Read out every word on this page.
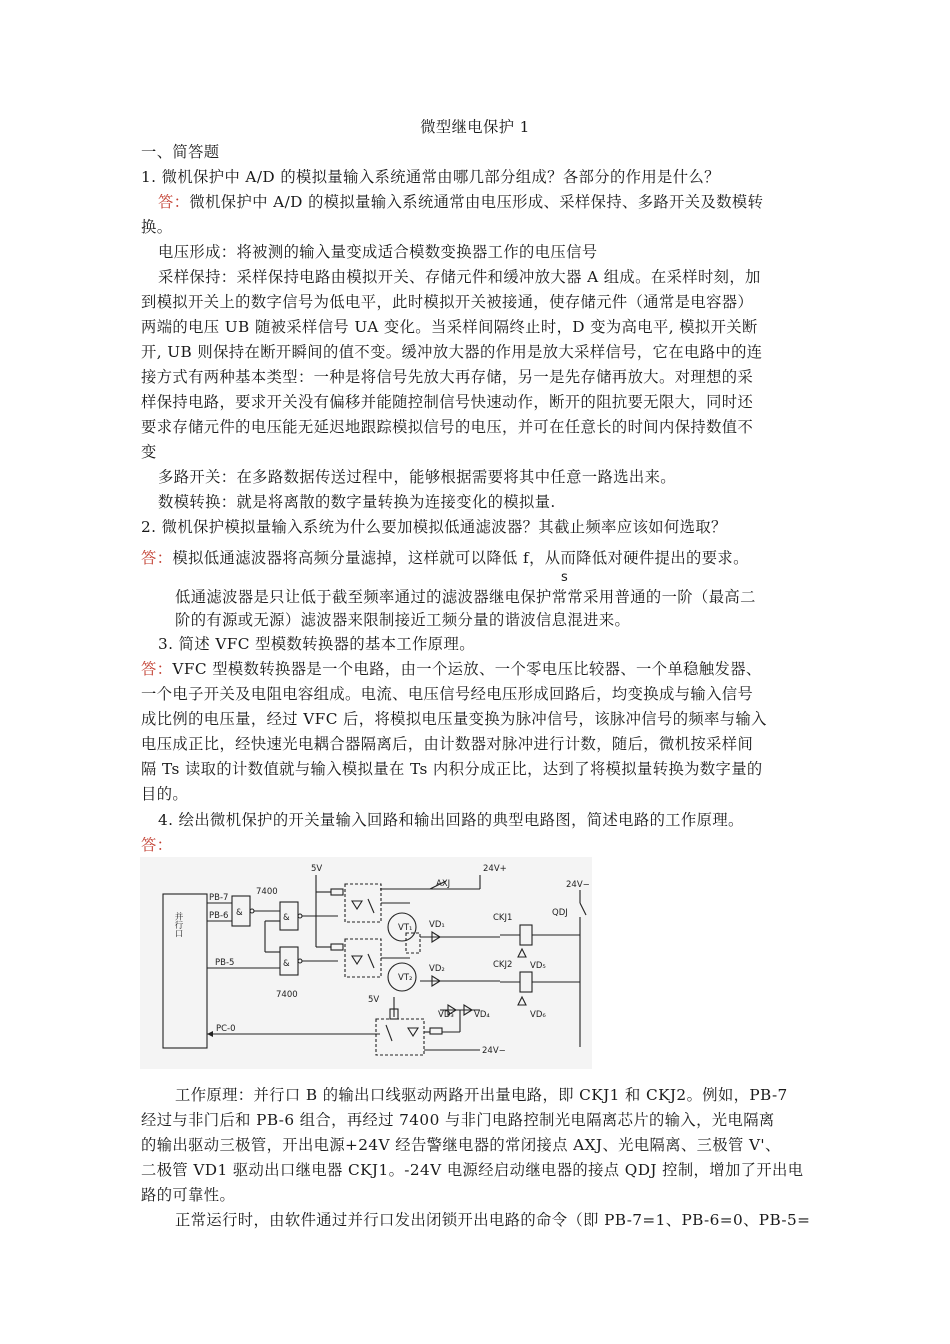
微型继电保护 1
一、简答题
1. 微机保护中 A/D 的模拟量输入系统通常由哪几部分组成？各部分的作用是什么？
答：微机保护中 A/D 的模拟量输入系统通常由电压形成、采样保持、多路开关及数模转
换。
电压形成：将被测的输入量变成适合模数变换器工作的电压信号
采样保持：采样保持电路由模拟开关、存储元件和缓冲放大器 A 组成。在采样时刻，加
到模拟开关上的数字信号为低电平，此时模拟开关被接通，使存储元件（通常是电容器）
两端的电压 UB 随被采样信号 UA 变化。当采样间隔终止时，D 变为高电平, 模拟开关断
开, UB 则保持在断开瞬间的值不变。缓冲放大器的作用是放大采样信号，它在电路中的连
接方式有两种基本类型：一种是将信号先放大再存储，另一是先存储再放大。对理想的采
样保持电路，要求开关没有偏移并能随控制信号快速动作，断开的阻抗要无限大，同时还
要求存储元件的电压能无延迟地跟踪模拟信号的电压，并可在任意长的时间内保持数值不
变
多路开关：在多路数据传送过程中，能够根据需要将其中任意一路选出来。
数模转换：就是将离散的数字量转换为连接变化的模拟量.
2. 微机保护模拟量输入系统为什么要加模拟低通滤波器？其截止频率应该如何选取？
答：模拟低通滤波器将高频分量滤掉，这样就可以降低 f，从而降低对硬件提出的要求。
s
低通滤波器是只让低于截至频率通过的滤波器继电保护常常采用普通的一阶（最高二
阶的有源或无源）滤波器来限制接近工频分量的谐波信息混进来。
3. 简述 VFC 型模数转换器的基本工作原理。
答：VFC 型模数转换器是一个电路，由一个运放、一个零电压比较器、一个单稳触发器、
一个电子开关及电阻电容组成。电流、电压信号经电压形成回路后，均变换成与输入信号
成比例的电压量，经过 VFC 后，将模拟电压量变换为脉冲信号，该脉冲信号的频率与输入
电压成正比，经快速光电耦合器隔离后，由计数器对脉冲进行计数，随后，微机按采样间
隔 Ts 读取的计数值就与输入模拟量在 Ts 内积分成正比，达到了将模拟量转换为数字量的
目的。
4. 绘出微机保护的开关量输入回路和输出回路的典型电路图，简述电路的工作原理。
答：
并行口
PB-7
PB-6
PB-5
PC-0
&
7400
&
&
7400
5V
VT₁
VT₂
24V+
AXJ
VD₁
VD₂
CKJ1
CKJ2 VD₅
VD₆
24V−
QDJ
VD₃ VD₄
5V
24V−
工作原理：并行口 B 的输出口线驱动两路开出量电路，即 CKJ1 和 CKJ2。例如，PB-7
经过与非门后和 PB-6 组合，再经过 7400 与非门电路控制光电隔离芯片的输入，光电隔离
的输出驱动三极管，开出电源+24V 经告警继电器的常闭接点 AXJ、光电隔离、三极管 V'、
二极管 VD1 驱动出口继电器 CKJ1。-24V 电源经启动继电器的接点 QDJ 控制，增加了开出电
路的可靠性。
正常运行时，由软件通过并行口发出闭锁开出电路的命令（即 PB-7=1、PB-6=0、PB-5=
